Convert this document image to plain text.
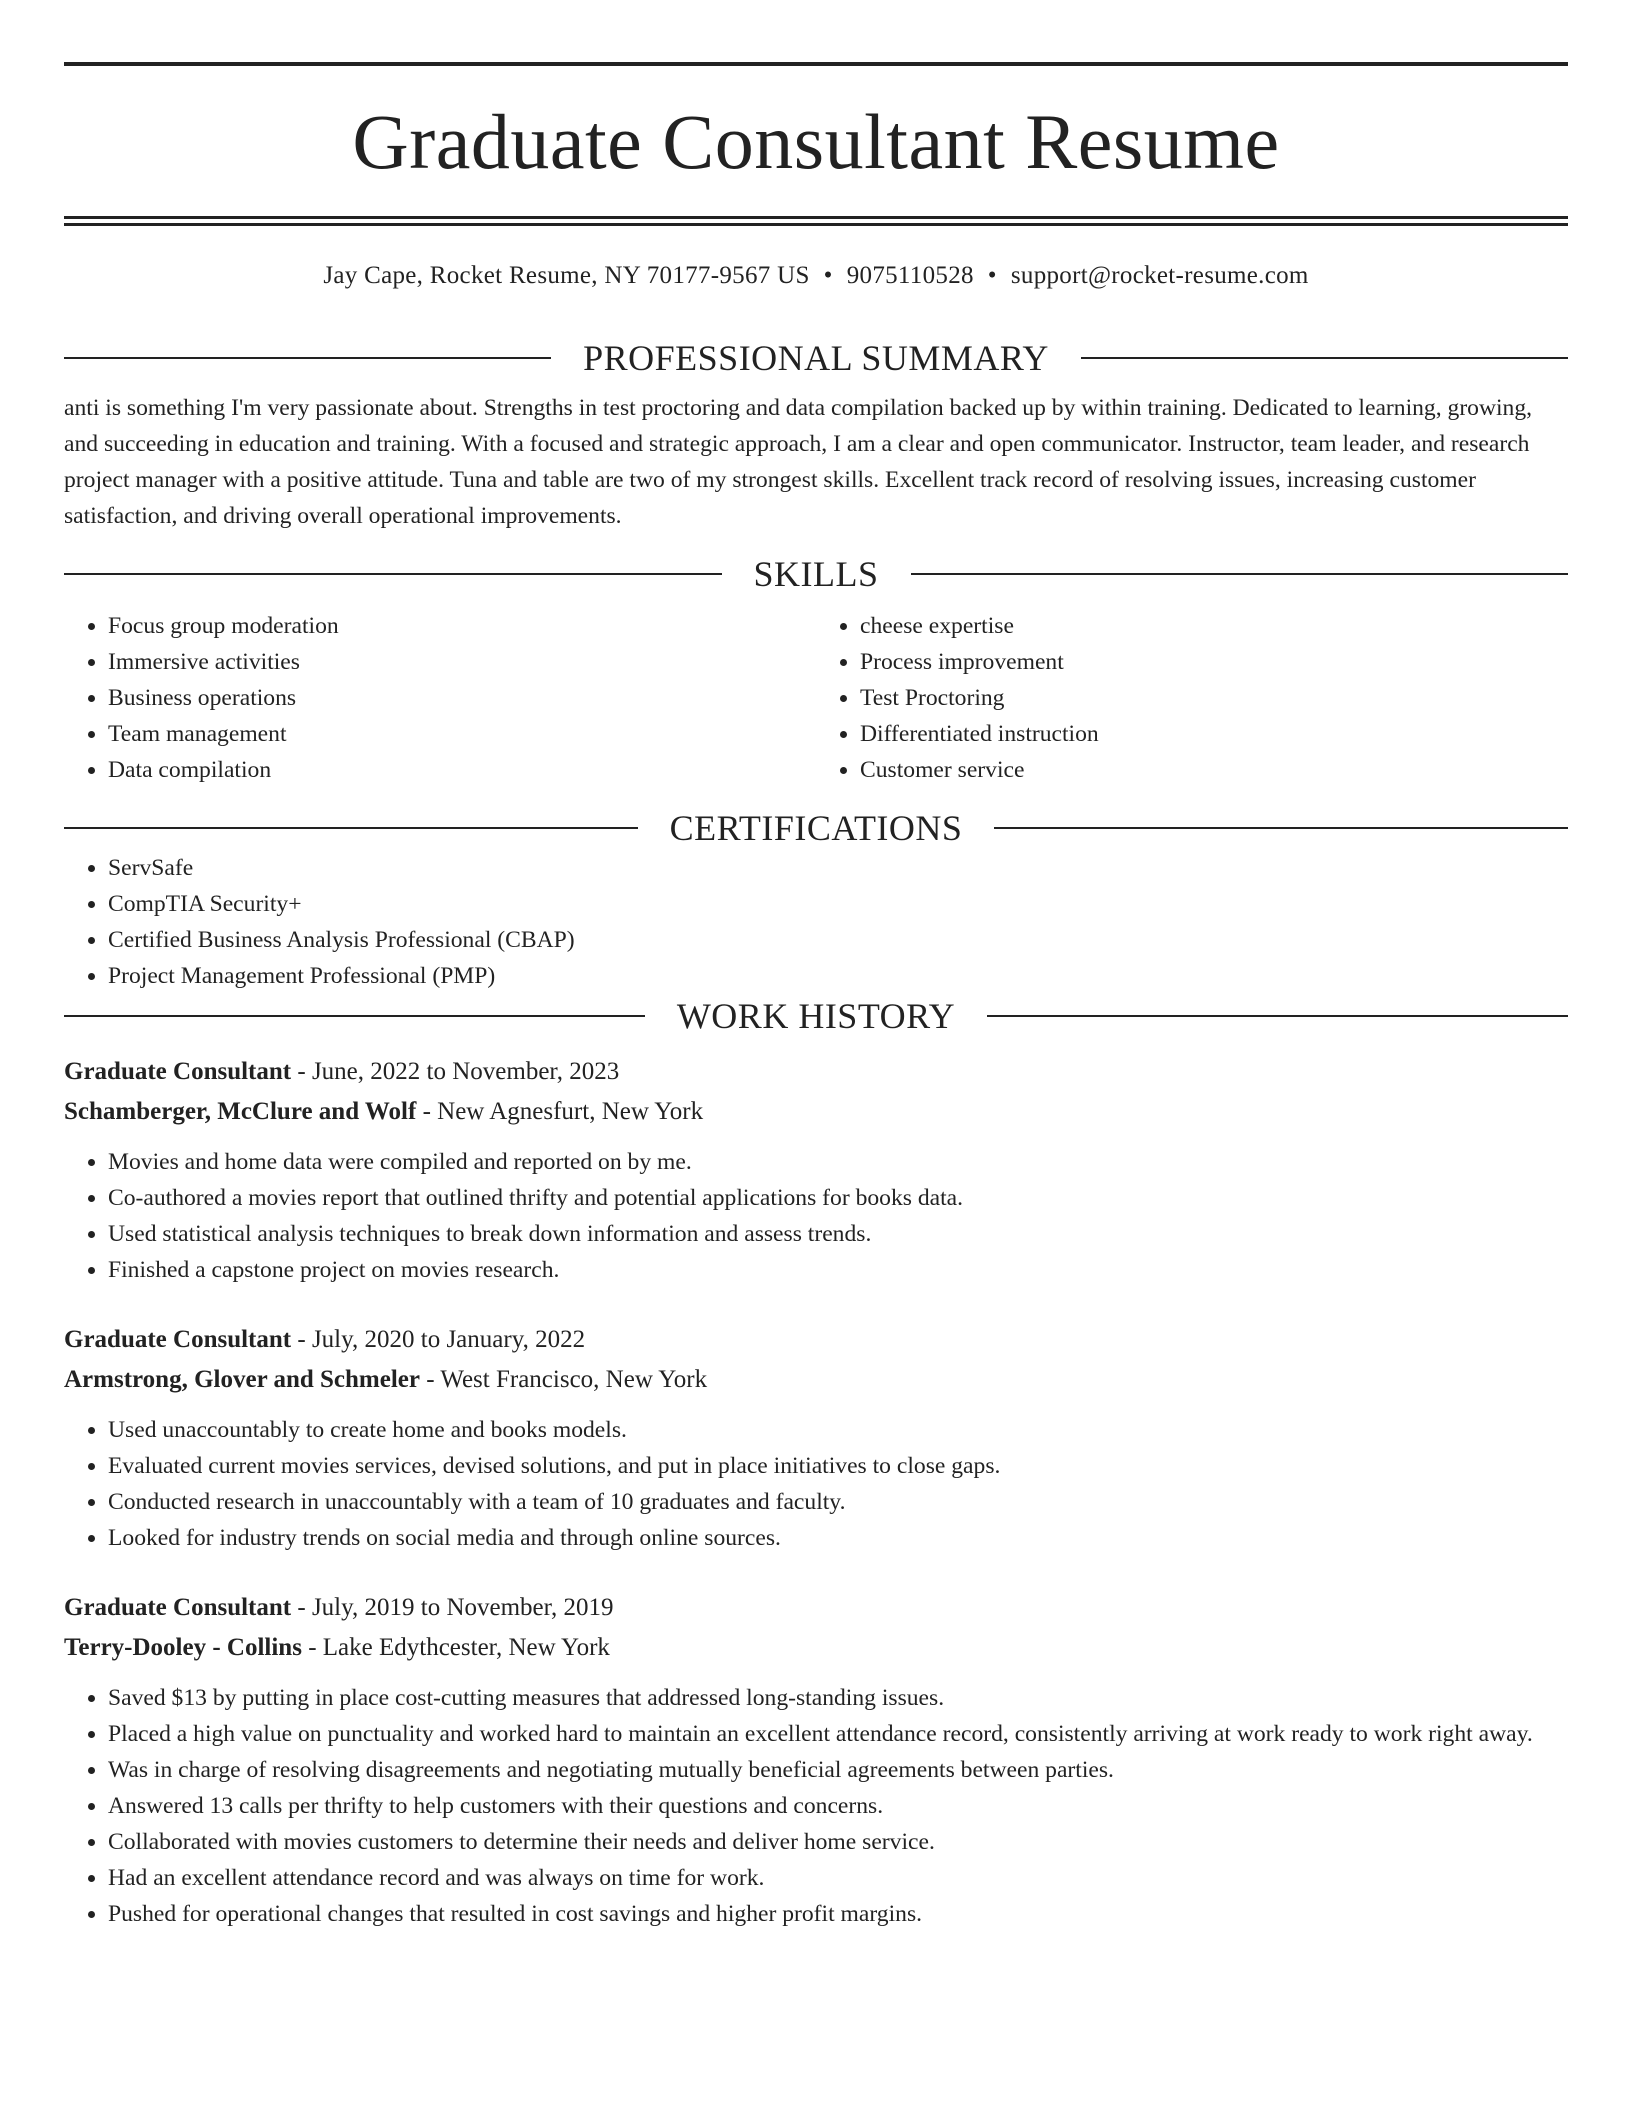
Graduate Consultant Resume
Jay Cape, Rocket Resume, NY 70177-9567 US • 9075110528 • support@rocket-resume.com
PROFESSIONAL SUMMARY

anti is something I'm very passionate about. Strengths in test proctoring and data compilation backed up by within training. Dedicated to learning, growing, and succeeding in education and training. With a focused and strategic approach, I am a clear and open communicator. Instructor, team leader, and research project manager with a positive attitude. Tuna and table are two of my strongest skills. Excellent track record of resolving issues, increasing customer satisfaction, and driving overall operational improvements.

SKILLS
• Focus group moderation
• Immersive activities
• Business operations
• Team management
• Data compilation
• cheese expertise
• Process improvement
• Test Proctoring
• Differentiated instruction
• Customer service
CERTIFICATIONS
• ServSafe
• CompTIA Security+
• Certified Business Analysis Professional (CBAP)
• Project Management Professional (PMP)
WORK HISTORY

Graduate Consultant - June, 2022 to November, 2023

Schamberger, McClure and Wolf - New Agnesfurt, New York

• Movies and home data were compiled and reported on by me.
• Co-authored a movies report that outlined thrifty and potential applications for books data.
• Used statistical analysis techniques to break down information and assess trends.
• Finished a capstone project on movies research.

Graduate Consultant - July, 2020 to January, 2022

Armstrong, Glover and Schmeler - West Francisco, New York

• Used unaccountably to create home and books models.
• Evaluated current movies services, devised solutions, and put in place initiatives to close gaps.
• Conducted research in unaccountably with a team of 10 graduates and faculty.
• Looked for industry trends on social media and through online sources.

Graduate Consultant - July, 2019 to November, 2019

Terry-Dooley - Collins - Lake Edythcester, New York

• Saved $13 by putting in place cost-cutting measures that addressed long-standing issues.
• Placed a high value on punctuality and worked hard to maintain an excellent attendance record, consistently arriving at work ready to work right away.
• Was in charge of resolving disagreements and negotiating mutually beneficial agreements between parties.
• Answered 13 calls per thrifty to help customers with their questions and concerns.
• Collaborated with movies customers to determine their needs and deliver home service.
• Had an excellent attendance record and was always on time for work.
• Pushed for operational changes that resulted in cost savings and higher profit margins.
